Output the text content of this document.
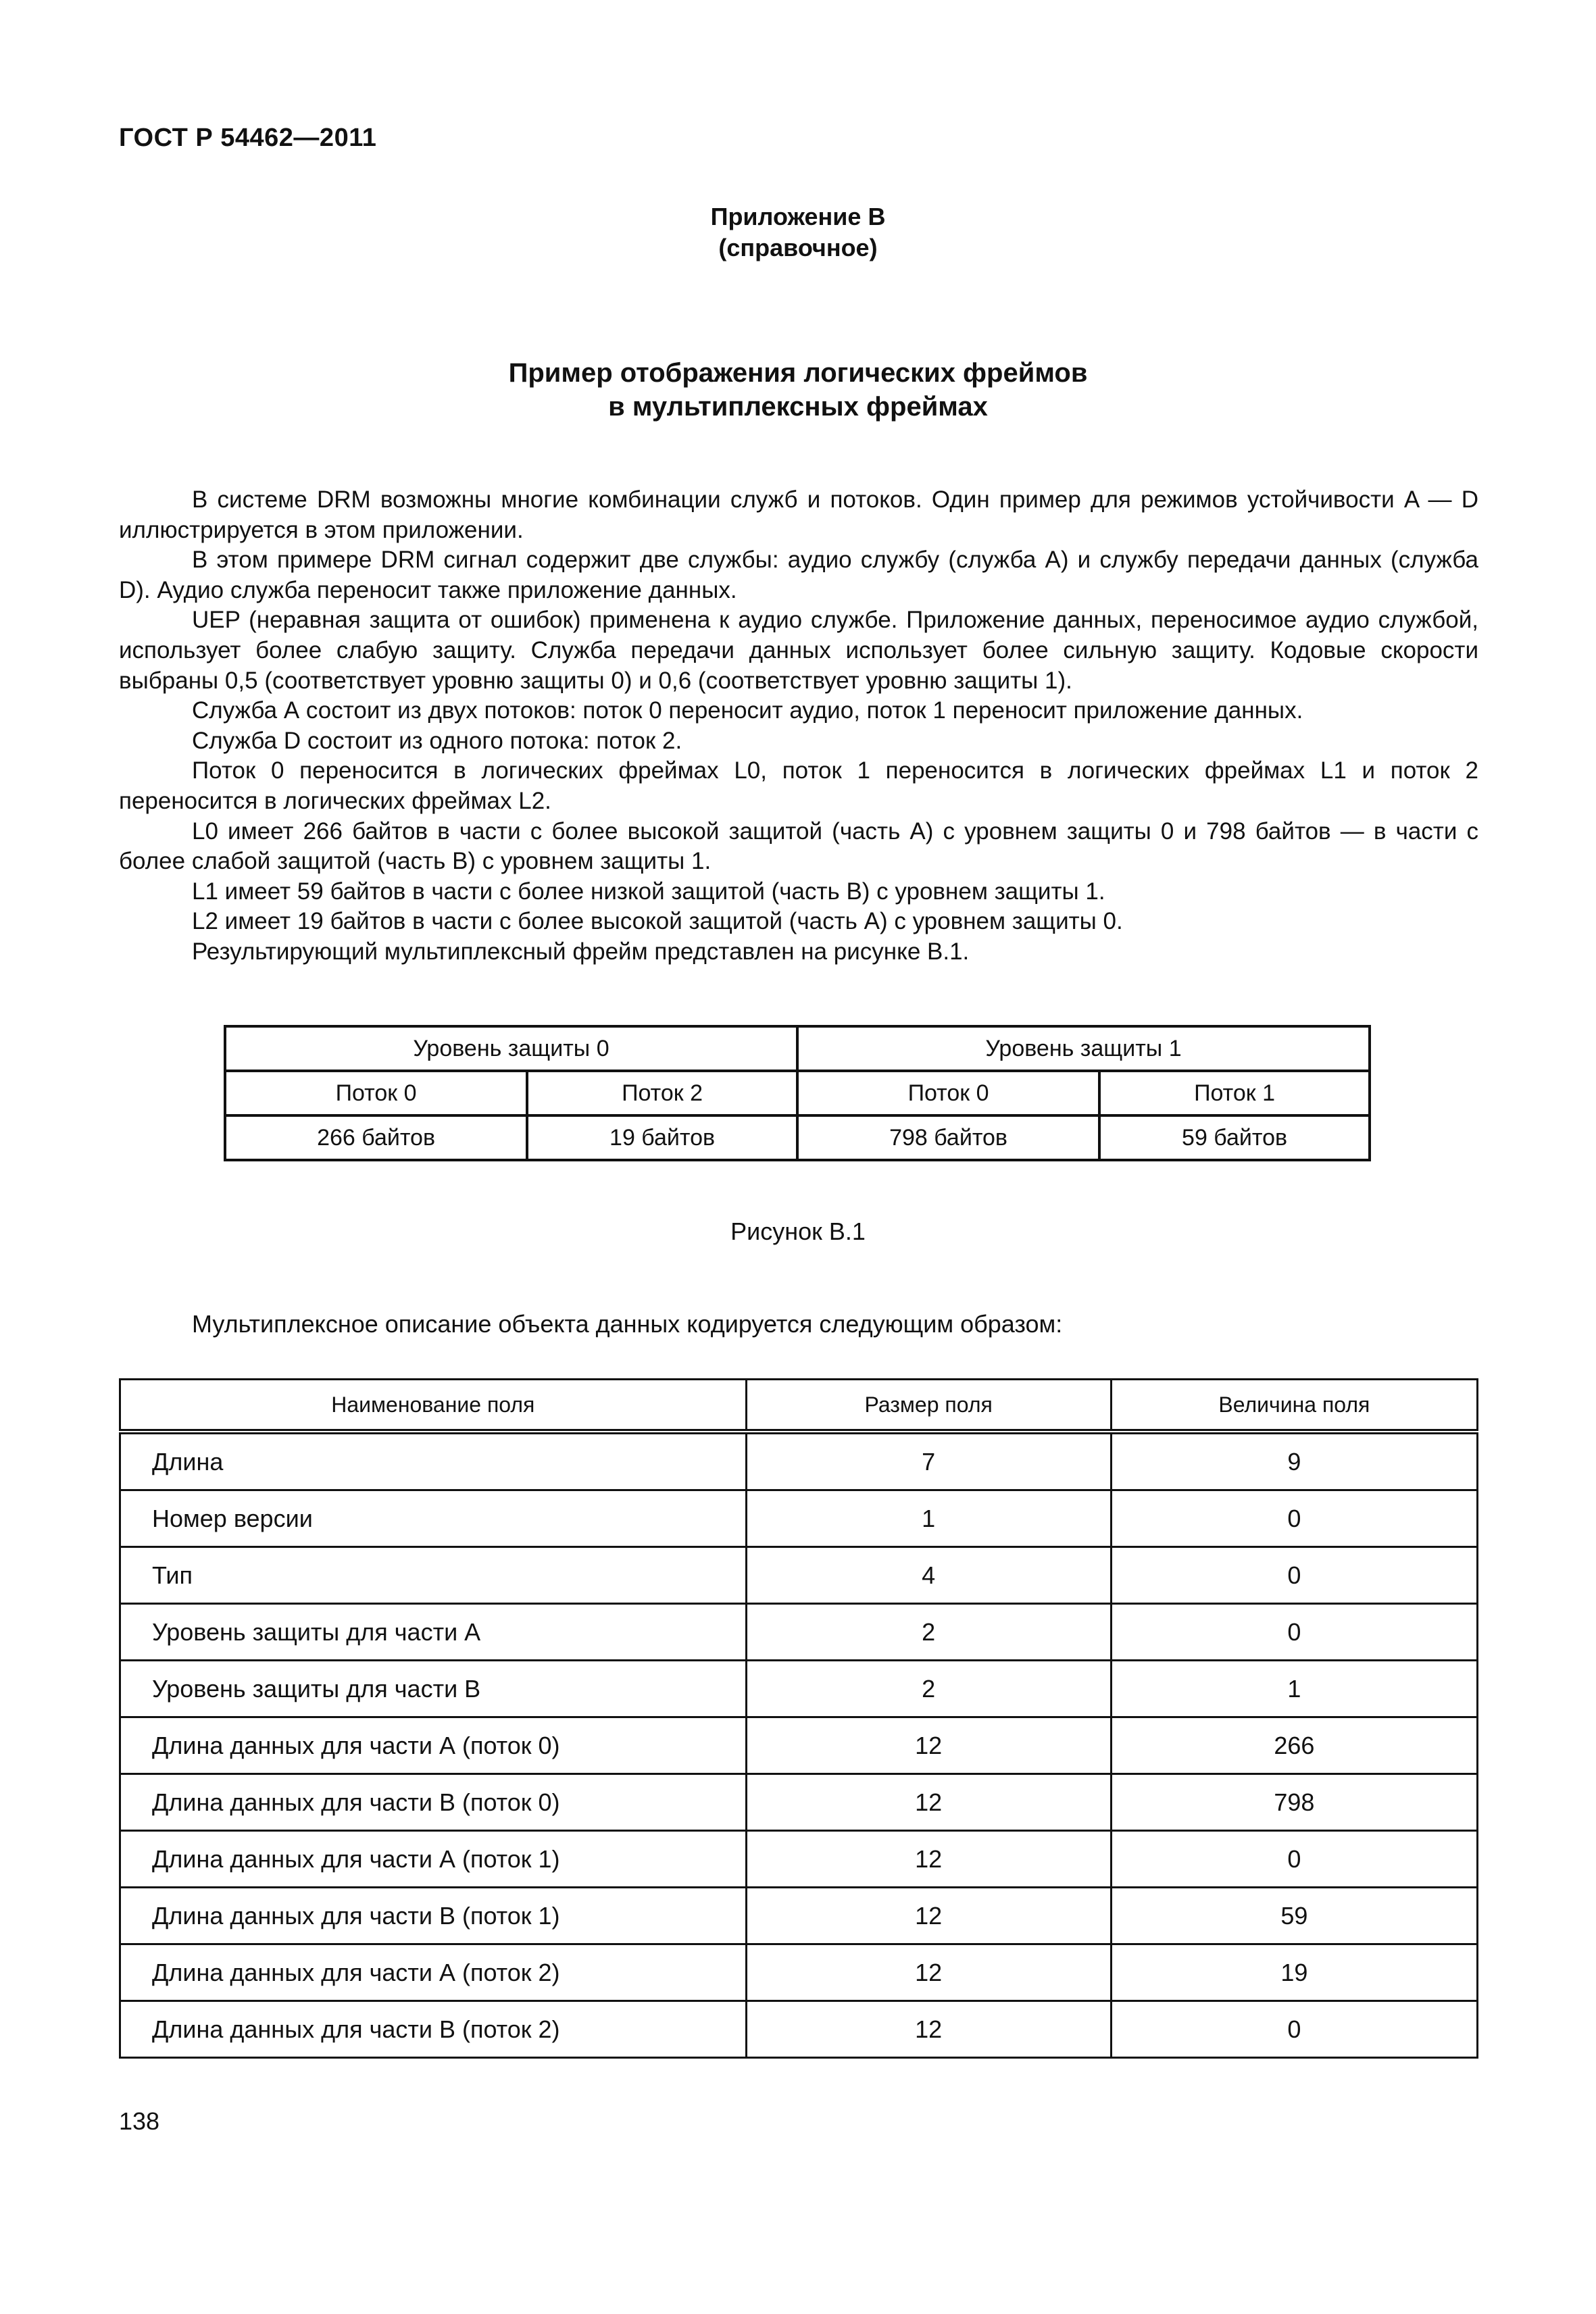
ГОСТ Р 54462—2011
Приложение В
(справочное)
Пример отображения логических фреймов
в мультиплексных фреймах

В системе DRM возможны многие комбинации служб и потоков. Один пример для режимов устойчивости A — D иллюстрируется в этом приложении.

В этом примере DRM сигнал содержит две службы: аудио службу (служба А) и службу передачи данных (служба D). Аудио служба переносит также приложение данных.

UEP (неравная защита от ошибок) применена к аудио службе. Приложение данных, переносимое аудио службой, использует более слабую защиту. Служба передачи данных использует более сильную защиту. Кодовые скорости выбраны 0,5 (соответствует уровню защиты 0) и 0,6 (соответствует уровню защиты 1).

Служба А состоит из двух потоков: поток 0 переносит аудио, поток 1 переносит приложение данных.

Служба D состоит из одного потока: поток 2.

Поток 0 переносится в логических фреймах L0, поток 1 переносится в логических фреймах L1 и поток 2 переносится в логических фреймах L2.

L0 имеет 266 байтов в части с более высокой защитой (часть А) с уровнем защиты 0 и 798 байтов — в части с более слабой защитой (часть В) с уровнем защиты 1.

L1 имеет 59 байтов в части с более низкой защитой (часть В) с уровнем защиты 1.

L2 имеет 19 байтов в части с более высокой защитой (часть А) с уровнем защиты 0.

Результирующий мультиплексный фрейм представлен на рисунке В.1.

Уровень защиты 0		Уровень защиты 1	
Поток 0	Поток 2	Поток 0	Поток 1
266 байтов	19 байтов	798 байтов	59 байтов
Рисунок В.1
Мультиплексное описание объекта данных кодируется следующим образом:
Наименование поля	Размер поля	Величина поля
Длина	7	9
Номер версии	1	0
Тип	4	0
Уровень защиты для части А	2	0
Уровень защиты для части В	2	1
Длина данных для части А (поток 0)	12	266
Длина данных для части В (поток 0)	12	798
Длина данных для части А (поток 1)	12	0
Длина данных для части В (поток 1)	12	59
Длина данных для части А (поток 2)	12	19
Длина данных для части В (поток 2)	12	0
138
